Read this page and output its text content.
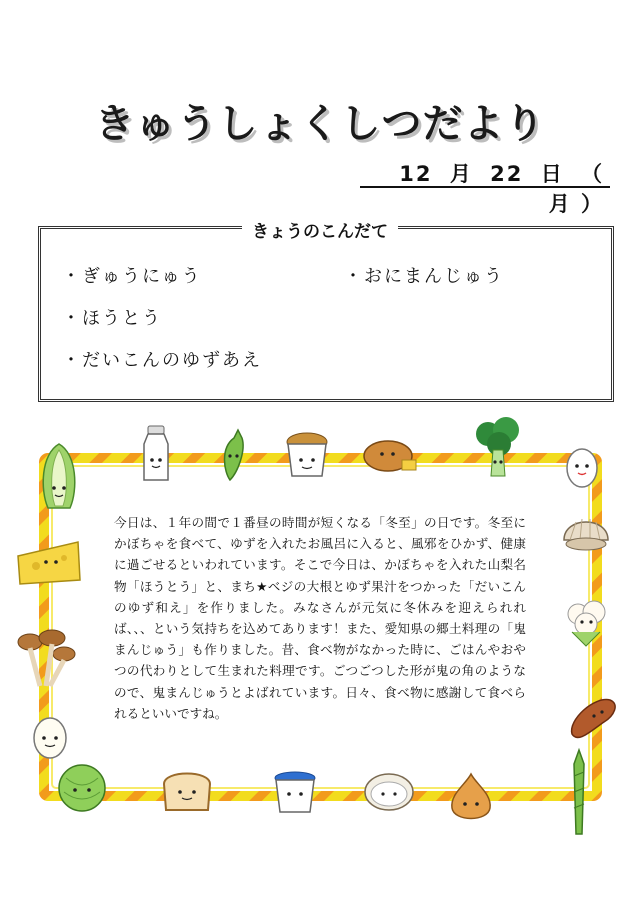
きゅうしょくしつだより
12 月 22 日 （ 月 ）
きょうのこんだて
・ぎゅうにゅう	・おにまんじゅう
・ほうとう
・だいこんのゆずあえ
今日は、１年の間で１番昼の時間が短くなる「冬至」の日です。冬至にかぼちゃを食べて、ゆずを入れたお風呂に入ると、風邪をひかず、健康に過ごせるといわれています。そこで今日は、かぼちゃを入れた山梨名物「ほうとう」と、まち★ベジの大根とゆず果汁をつかった「だいこんのゆず和え」を作りました。みなさんが元気に冬休みを迎えられれば、、、という気持ちを込めてあります！また、愛知県の郷土料理の「鬼まんじゅう」も作りました。昔、食べ物がなかった時に、ごはんやおやつの代わりとして生まれた料理です。ごつごつした形が鬼の角のようなので、鬼まんじゅうとよばれています。日々、食べ物に感謝して食べられるといいですね。
